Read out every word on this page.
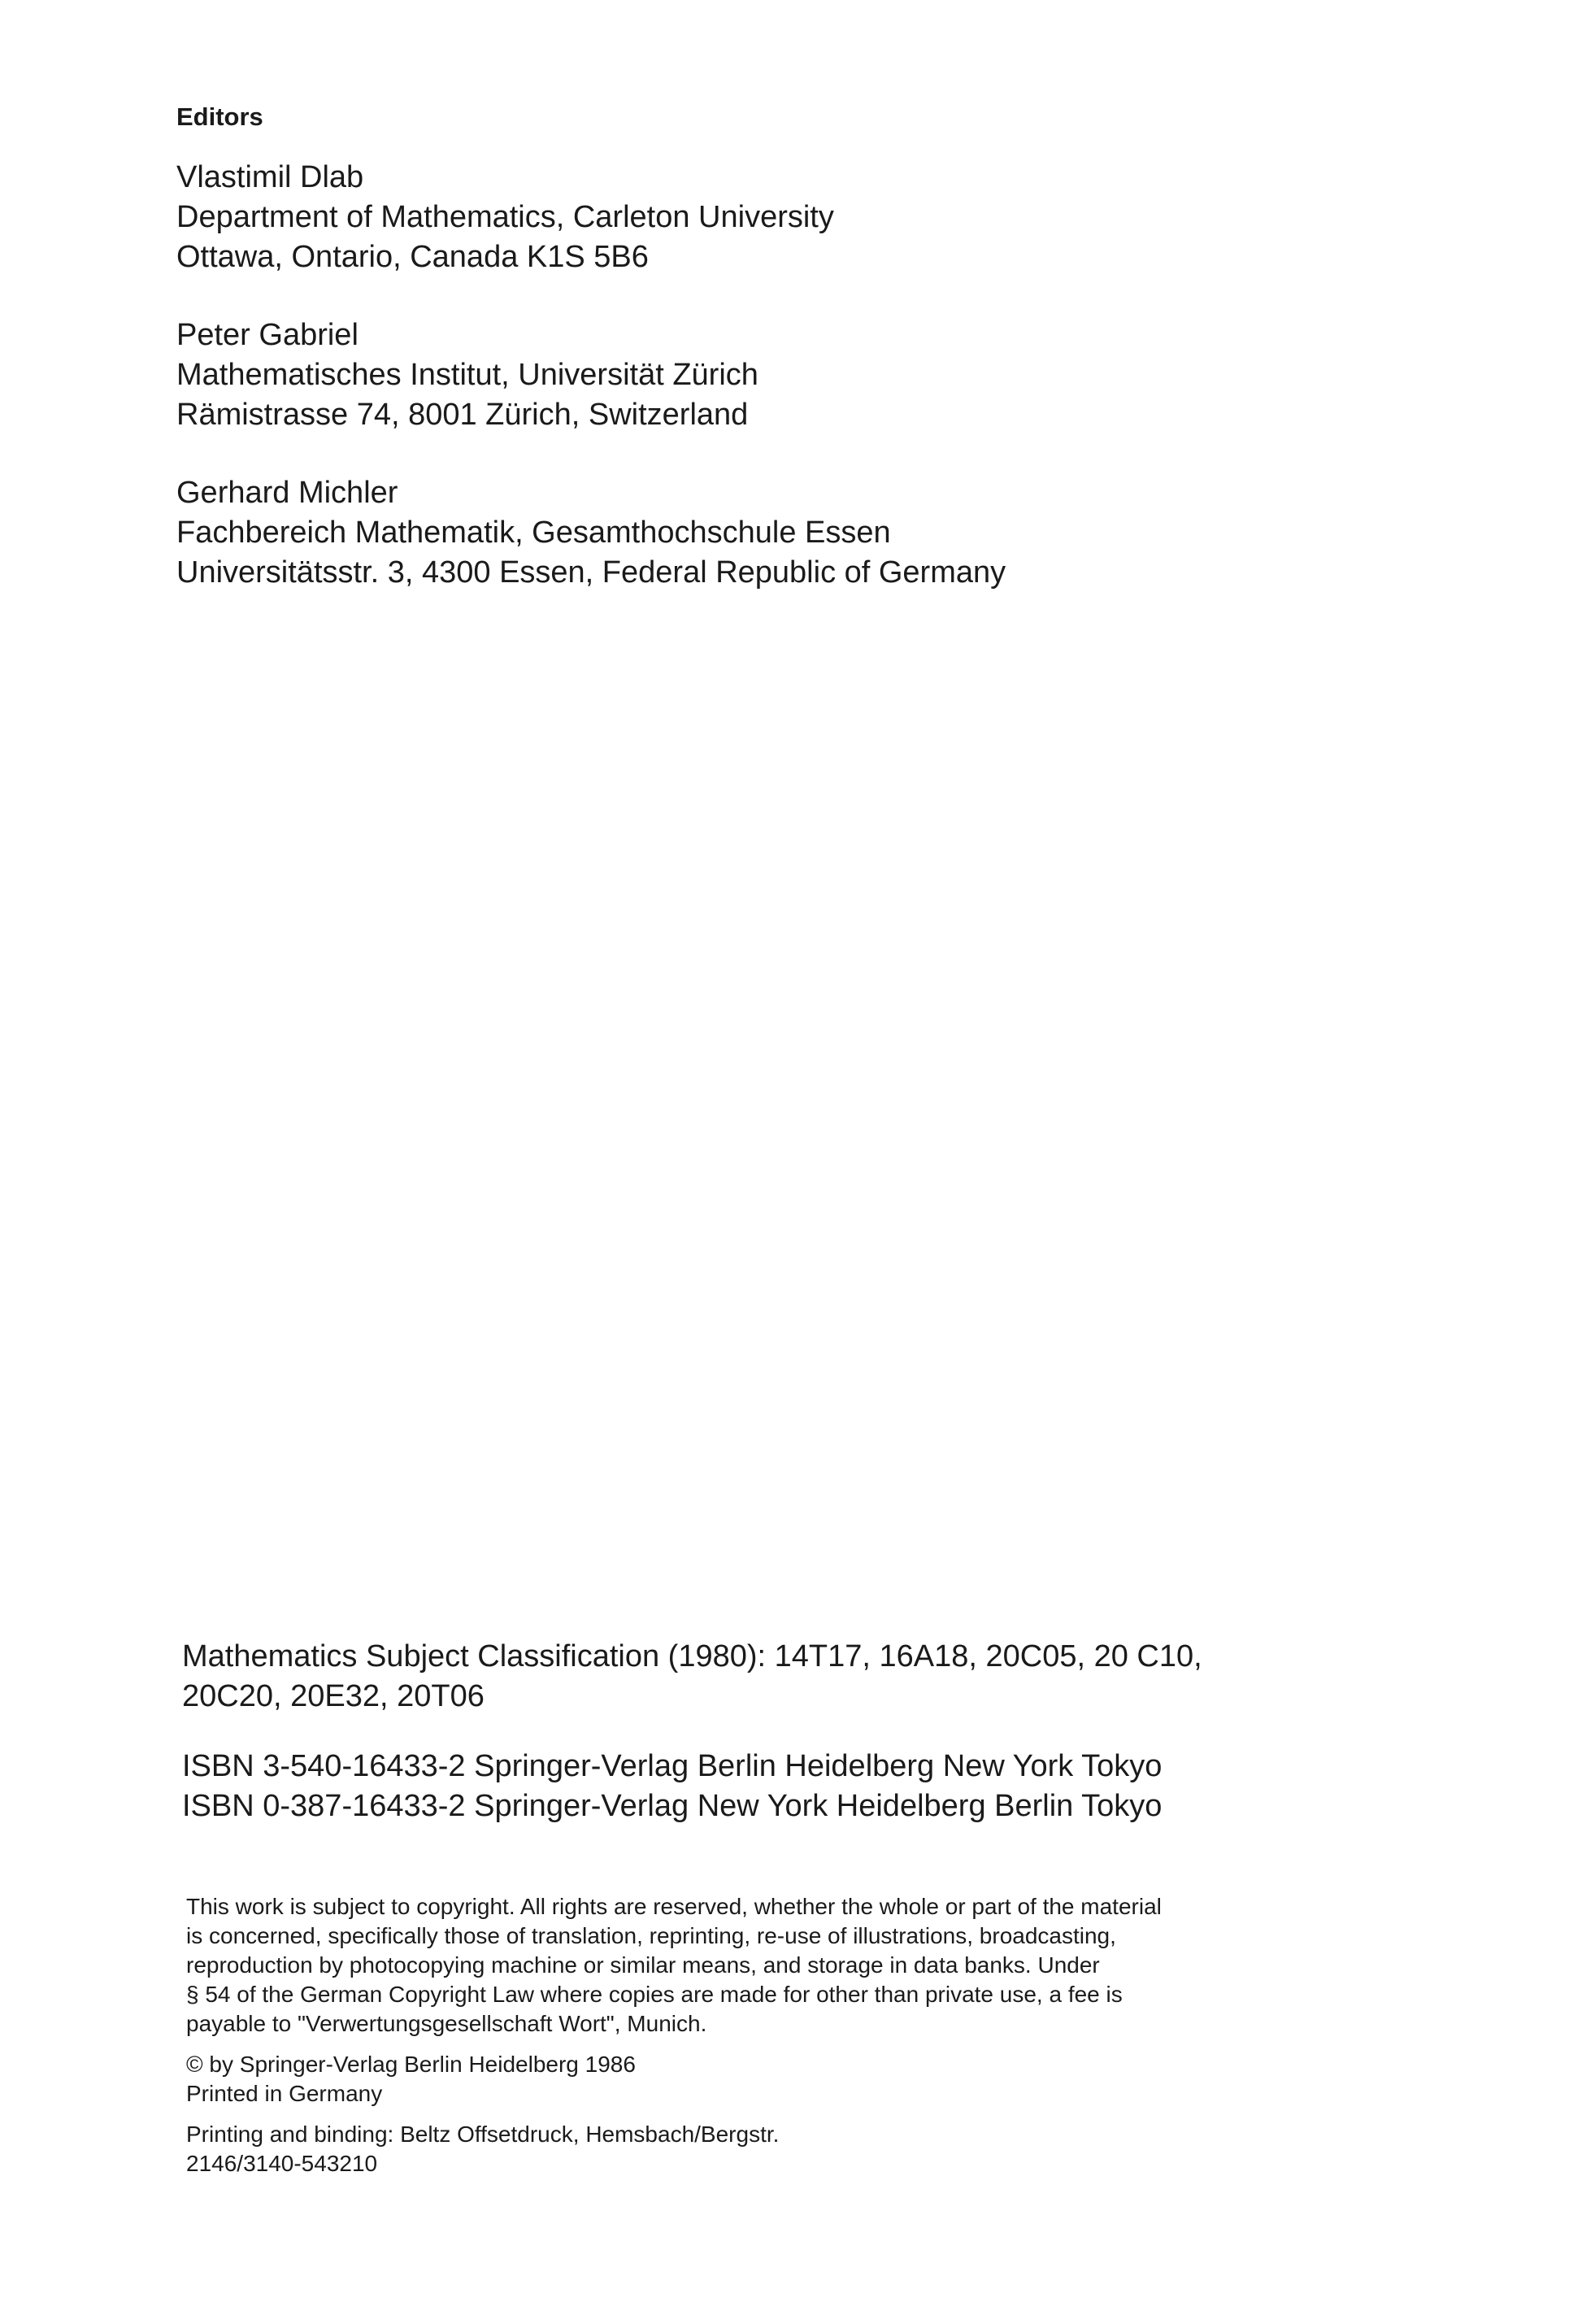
Editors
Vlastimil Dlab
Department of Mathematics, Carleton University
Ottawa, Ontario, Canada K1S 5B6
Peter Gabriel
Mathematisches Institut, Universität Zürich
Rämistrasse 74, 8001 Zürich, Switzerland
Gerhard Michler
Fachbereich Mathematik, Gesamthochschule Essen
Universitätsstr. 3, 4300 Essen, Federal Republic of Germany
Mathematics Subject Classification (1980): 14T17, 16A18, 20C05, 20 C10,
20C20, 20E32, 20T06
ISBN 3-540-16433-2 Springer-Verlag Berlin Heidelberg New York Tokyo
ISBN 0-387-16433-2 Springer-Verlag New York Heidelberg Berlin Tokyo
This work is subject to copyright. All rights are reserved, whether the whole or part of the material
is concerned, specifically those of translation, reprinting, re-use of illustrations, broadcasting,
reproduction by photocopying machine or similar means, and storage in data banks. Under
§ 54 of the German Copyright Law where copies are made for other than private use, a fee is
payable to "Verwertungsgesellschaft Wort", Munich.
© by Springer-Verlag Berlin Heidelberg 1986
Printed in Germany
Printing and binding: Beltz Offsetdruck, Hemsbach/Bergstr.
2146/3140-543210
